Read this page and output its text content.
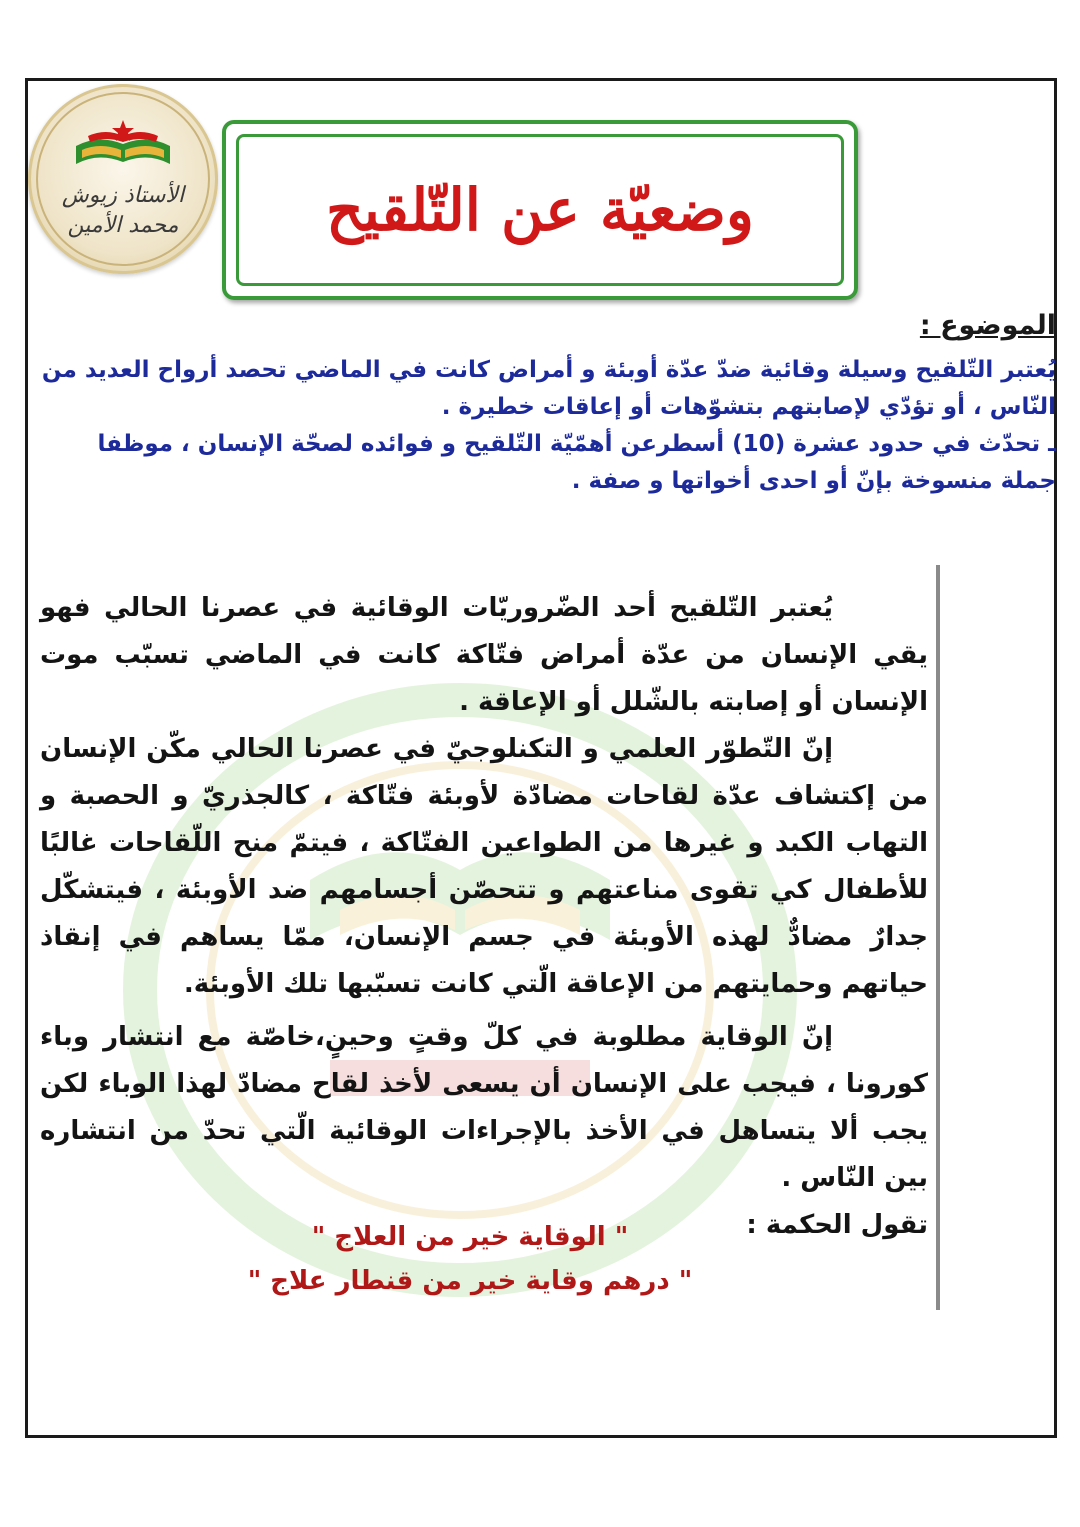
الأستاذ زيوش
محمد الأمين	وضعيّة عن التّلقيح
الموضوع :

يُعتبر التّلقيح وسيلة وقائية ضدّ عدّة أوبئة و أمراض كانت في الماضي تحصد أرواح العديد من النّاس ، أو تؤدّي لإصابتهم بتشوّهات أو إعاقات خطيرة .

ـ تحدّث في حدود عشرة (10) أسطرعن أهمّيّة التّلقيح و فوائده لصحّة الإنسان ، موظفا جملة منسوخة بإنّ أو احدى أخواتها و صفة .

يُعتبر التّلقيح أحد الضّروريّات الوقائية في عصرنا الحالي فهو يقي الإنسان من عدّة أمراض فتّاكة كانت في الماضي تسبّب موت الإنسان أو إصابته بالشّلل أو الإعاقة .

إنّ التّطوّر العلمي و التكنلوجيّ في عصرنا الحالي مكّن الإنسان من إكتشاف عدّة لقاحات مضادّة لأوبئة فتّاكة ، كالجذريّ و الحصبة و التهاب الكبد و غيرها من الطواعين الفتّاكة ، فيتمّ منح اللّقاحات غالبًا للأطفال كي تقوى مناعتهم و تتحصّن أجسامهم ضد الأوبئة ، فيتشكّل جدارٌ مضادٌّ لهذه الأوبئة في جسم الإنسان، ممّا يساهم في إنقاذ حياتهم وحمايتهم من الإعاقة الّتي كانت تسبّبها تلك الأوبئة.

إنّ الوقاية مطلوبة في كلّ وقتٍ وحينٍ،خاصّة مع انتشار وباء كورونا ، فيجب على الإنسان أن يسعى لأخذ لقاح مضادّ لهذا الوباء لكن يجب ألا يتساهل في الأخذ بالإجراءات الوقائية الّتي تحدّ من انتشاره بين النّاس .

تقول الحكمة :

" الوقاية خير من العلاج "
" درهم وقاية خير من قنطار علاج "
